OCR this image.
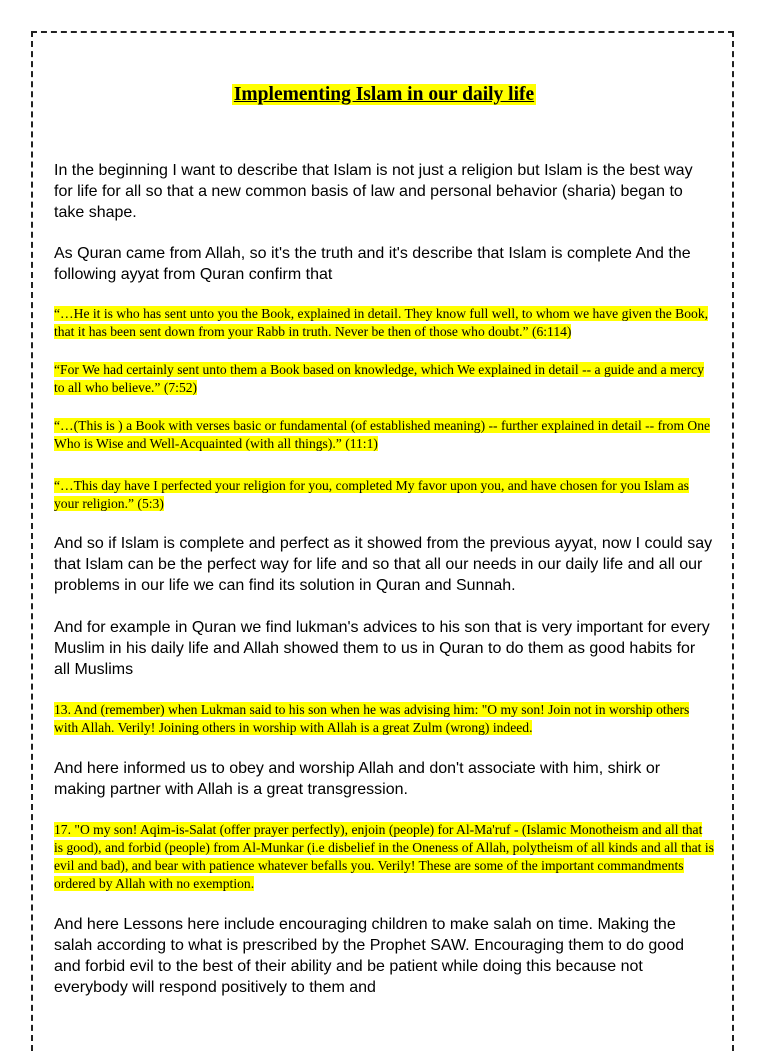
Implementing Islam in our daily life

In the beginning I want to describe that Islam is not just a religion but Islam is the best way for life for all so that a new common basis of law and personal behavior (sharia) began to take shape.

As Quran came from Allah, so it's the truth and it's describe that Islam is complete And the following ayyat from Quran confirm that

“…He it is who has sent unto you the Book, explained in detail. They know full well, to whom we have given the Book, that it has been sent down from your Rabb in truth. Never be then of those who doubt.” (6:114)

“For We had certainly sent unto them a Book based on knowledge, which We explained in detail -- a guide and a mercy to all who believe.” (7:52)

“…(This is ) a Book with verses basic or fundamental (of established meaning) -- further explained in detail -- from One Who is Wise and Well-Acquainted (with all things).” (11:1)

“…This day have I perfected your religion for you, completed My favor upon you, and have chosen for you Islam as your religion.” (5:3)

And so if Islam is complete and perfect as it showed from the previous ayyat, now I could say that Islam can be the perfect way for life and so that all our needs in our daily life and all our problems in our life we can find its solution in Quran and Sunnah.

And for example in Quran we find lukman's advices to his son that is very important for every Muslim in his daily life and Allah showed them to us in Quran to do them as good habits for all Muslims

13. And (remember) when Lukman said to his son when he was advising him: "O my son! Join not in worship others with Allah. Verily! Joining others in worship with Allah is a great Zulm (wrong) indeed.

And here informed us to obey and worship Allah and don't associate with him, shirk or making partner with Allah is a great transgression.

17. "O my son! Aqim-is-Salat (offer prayer perfectly), enjoin (people) for Al-Ma'ruf - (Islamic Monotheism and all that is good), and forbid (people) from Al-Munkar (i.e disbelief in the Oneness of Allah, polytheism of all kinds and all that is evil and bad), and bear with patience whatever befalls you. Verily! These are some of the important commandments ordered by Allah with no exemption.

And here Lessons here include encouraging children to make salah on time. Making the salah according to what is prescribed by the Prophet SAW. Encouraging them to do good and forbid evil to the best of their ability and be patient while doing this because not everybody will respond positively to them and
